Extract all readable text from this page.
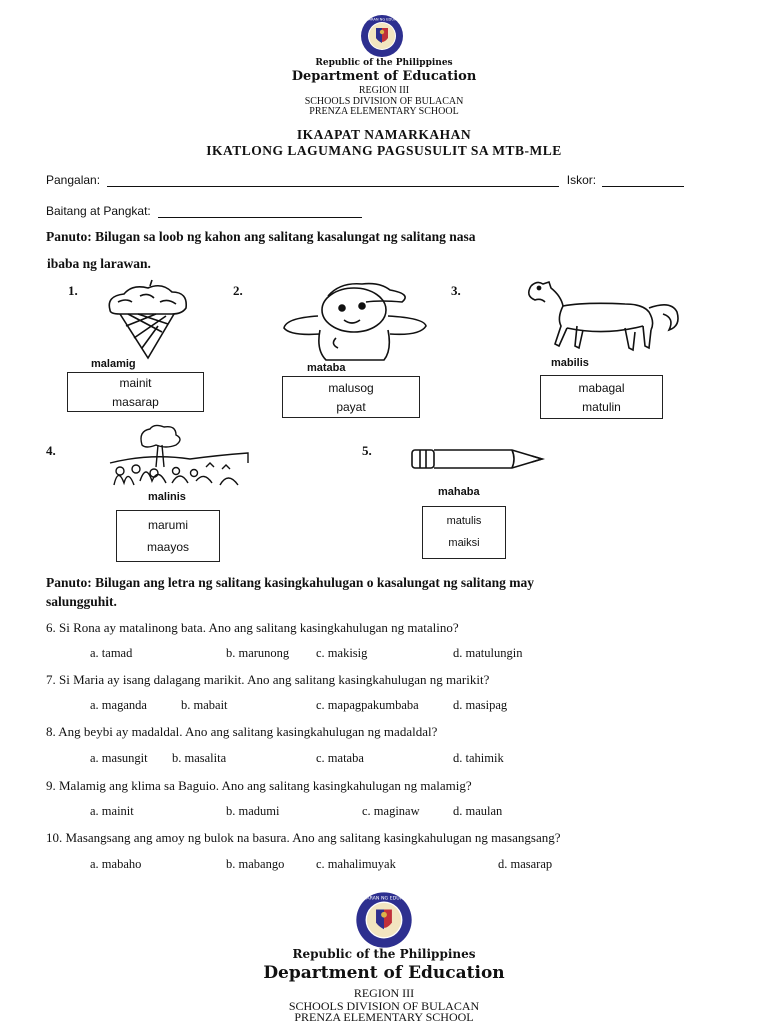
KAGAWARAN NG EDUKASYON
Republic of the Philippines
Department of Education
REGION III
SCHOOLS DIVISION OF BULACAN
PRENZA ELEMENTARY SCHOOL
IKAAPAT NAMARKAHAN
IKATLONG LAGUMANG PAGSUSULIT SA MTB-MLE
Pangalan:	Iskor:
Baitang at Pangkat:
Panuto: Bilugan sa loob ng kahon ang salitang kasalungat ng salitang nasa
ibaba ng larawan.
1.
malamig
mainit
masarap
2.
mataba
malusog
payat
3.
mabilis
mabagal
matulin
4.
malinis
marumi
maayos
5.
mahaba
matulis
maiksi
Panuto: Bilugan ang letra ng salitang kasingkahulugan o kasalungat ng salitang may
salungguhit.
6. Si Rona ay matalinong bata. Ano ang salitang kasingkahulugan ng matalino?
a. tamad	b. marunong c. makisig	d. matulungin
7. Si Maria ay isang dalagang marikit. Ano ang salitang kasingkahulugan ng marikit?
a. maganda	b. mabait	c. mapagpakumbaba	d. masipag
8. Ang beybi ay madaldal. Ano ang salitang kasingkahulugan ng madaldal?
a. masungit b. masalita	c. mataba	d. tahimik
9. Malamig ang klima sa Baguio. Ano ang salitang kasingkahulugan ng malamig?
a. mainit	b. madumi	c. maginaw	d. maulan
10. Masangsang ang amoy ng bulok na basura. Ano ang salitang kasingkahulugan ng masangsang?
a. mabaho	b. mabango	c. mahalimuyak	d. masarap
KAGAWARAN NG EDUKASYON
Republic of the Philippines
Department of Education
REGION III
SCHOOLS DIVISION OF BULACAN
PRENZA ELEMENTARY SCHOOL
